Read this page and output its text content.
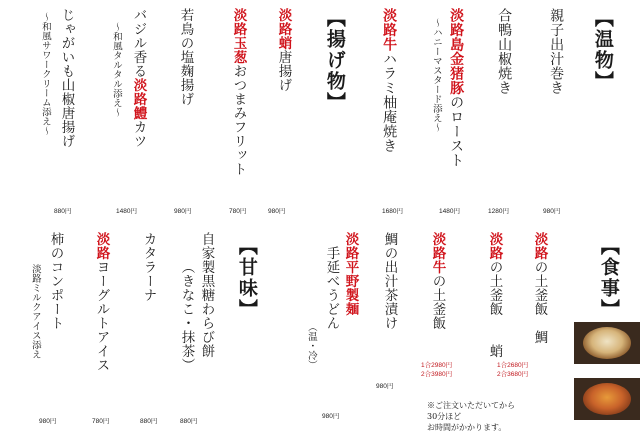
【温物】
親子出汁巻き
980円
合鴨山椒焼き
1280円
淡路島金猪豚のロースト
〜ハニーマスタード添え〜
1480円
淡路牛ハラミ柚庵焼き
1680円
【揚げ物】
淡路蛸唐揚げ
980円
淡路玉葱おつまみフリット
780円
若鳥の塩麹揚げ
980円
バジル香る淡路鱧カツ
〜和風タルタル添え〜
1480円
じゃがいも山椒唐揚げ
〜和風サワークリーム添え〜
880円
【食事】
淡路の土釜飯　鯛
淡路の土釜飯　　蛸
淡路牛の土釜飯
鯛の出汁茶漬け
980円
淡路平野製麺
手延べうどん
（温・冷）
980円
1合2680円
2合3680円
1合2980円
2合3980円
※ご注文いただいてから
30分ほど
お時間がかかります。
【甘味】
自家製黒糖わらび餅
（きなこ・抹茶）
880円
カタラーナ
880円
淡路ヨーグルトアイス
780円
柿のコンポート
淡路ミルクアイス添え
980円
